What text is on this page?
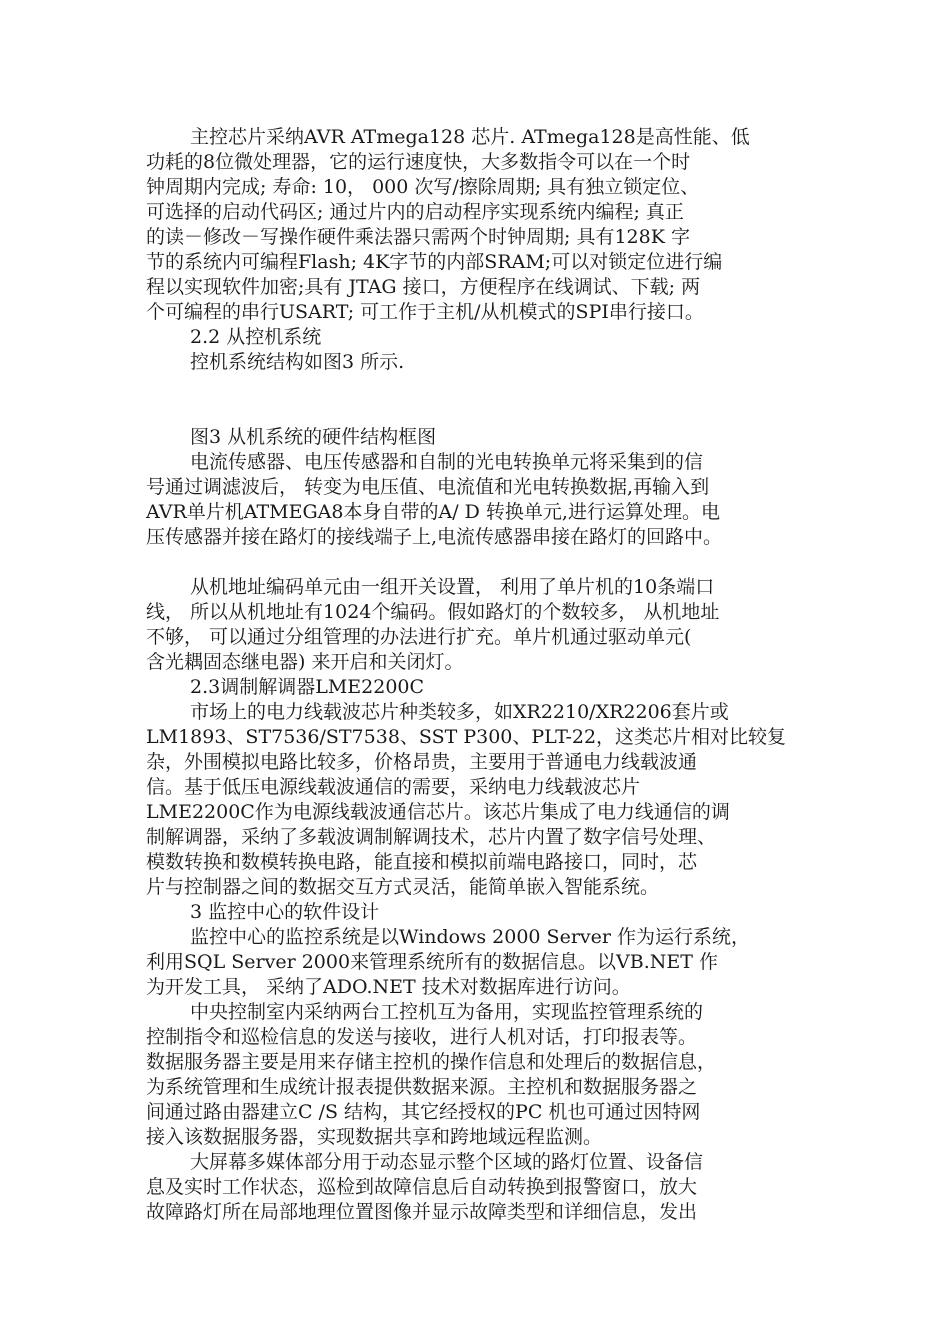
主控芯片采纳AVR ATmega128 芯片. ATmega128是高性能、低
功耗的8位微处理器，它的运行速度快，大多数指令可以在一个时
钟周期内完成; 寿命: 10， 000 次写/擦除周期; 具有独立锁定位、
可选择的启动代码区; 通过片内的启动程序实现系统内编程; 真正
的读－修改－写操作硬件乘法器只需两个时钟周期; 具有128K 字
节的系统内可编程Flash; 4K字节的内部SRAM;可以对锁定位进行编
程以实现软件加密;具有 JTAG 接口，方便程序在线调试、下载; 两
个可编程的串行USART; 可工作于主机/从机模式的SPI串行接口。
2.2 从控机系统
控机系统结构如图3 所示.
图3 从机系统的硬件结构框图
电流传感器、电压传感器和自制的光电转换单元将采集到的信
号通过调滤波后， 转变为电压值、电流值和光电转换数据,再输入到
AVR单片机ATMEGA8本身自带的A/ D 转换单元,进行运算处理。电
压传感器并接在路灯的接线端子上,电流传感器串接在路灯的回路中。
从机地址编码单元由一组开关设置， 利用了单片机的10条端口
线， 所以从机地址有1024个编码。假如路灯的个数较多， 从机地址
不够， 可以通过分组管理的办法进行扩充。单片机通过驱动单元(
含光耦固态继电器) 来开启和关闭灯。
2.3调制解调器LME2200C
市场上的电力线载波芯片种类较多，如XR2210/XR2206套片或
LM1893、ST7536/ST7538、SST P300、PLT-22，这类芯片相对比较复
杂，外围模拟电路比较多，价格昂贵，主要用于普通电力线载波通
信。基于低压电源线载波通信的需要，采纳电力线载波芯片
LME2200C作为电源线载波通信芯片。该芯片集成了电力线通信的调
制解调器，采纳了多载波调制解调技术，芯片内置了数字信号处理、
模数转换和数模转换电路，能直接和模拟前端电路接口，同时，芯
片与控制器之间的数据交互方式灵活，能简单嵌入智能系统。
3 监控中心的软件设计
监控中心的监控系统是以Windows 2000 Server 作为运行系统，
利用SQL Server 2000来管理系统所有的数据信息。以VB.NET 作
为开发工具， 采纳了ADO.NET 技术对数据库进行访问。
中央控制室内采纳两台工控机互为备用，实现监控管理系统的
控制指令和巡检信息的发送与接收，进行人机对话，打印报表等。
数据服务器主要是用来存储主控机的操作信息和处理后的数据信息，
为系统管理和生成统计报表提供数据来源。主控机和数据服务器之
间通过路由器建立C /S 结构，其它经授权的PC 机也可通过因特网
接入该数据服务器，实现数据共享和跨地域远程监测。
大屏幕多媒体部分用于动态显示整个区域的路灯位置、设备信
息及实时工作状态，巡检到故障信息后自动转换到报警窗口，放大
故障路灯所在局部地理位置图像并显示故障类型和详细信息，发出
